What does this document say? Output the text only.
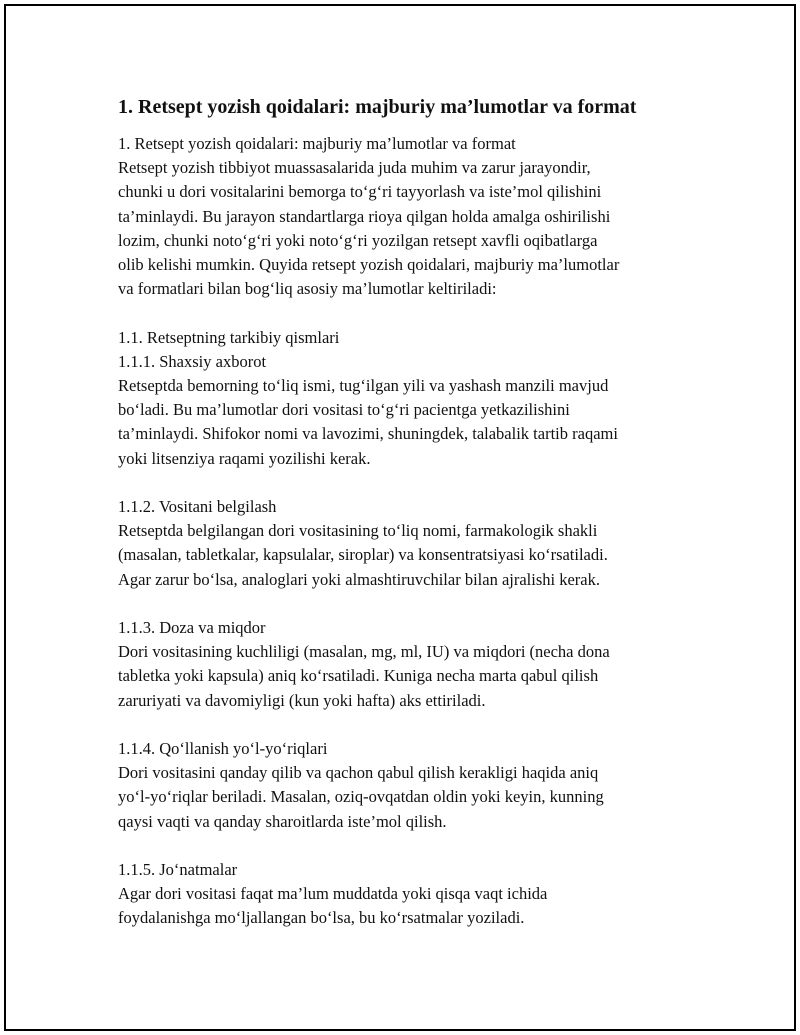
1. Retsept yozish qoidalari: majburiy ma’lumotlar va format
1. Retsept yozish qoidalari: majburiy ma’lumotlar va format
Retsept yozish tibbiyot muassasalarida juda muhim va zarur jarayondir,
chunki u dori vositalarini bemorga to‘g‘ri tayyorlash va iste’mol qilishini
ta’minlaydi. Bu jarayon standartlarga rioya qilgan holda amalga oshirilishi
lozim, chunki noto‘g‘ri yoki noto‘g‘ri yozilgan retsept xavfli oqibatlarga
olib kelishi mumkin. Quyida retsept yozish qoidalari, majburiy ma’lumotlar
va formatlari bilan bog‘liq asosiy ma’lumotlar keltiriladi:
1.1. Retseptning tarkibiy qismlari
1.1.1. Shaxsiy axborot
Retseptda bemorning to‘liq ismi, tug‘ilgan yili va yashash manzili mavjud
bo‘ladi. Bu ma’lumotlar dori vositasi to‘g‘ri pacientga yetkazilishini
ta’minlaydi. Shifokor nomi va lavozimi, shuningdek, talabalik tartib raqami
yoki litsenziya raqami yozilishi kerak.
1.1.2. Vositani belgilash
Retseptda belgilangan dori vositasining to‘liq nomi, farmakologik shakli
(masalan, tabletkalar, kapsulalar, siroplar) va konsentratsiyasi ko‘rsatiladi.
Agar zarur bo‘lsa, analoglari yoki almashtiruvchilar bilan ajralishi kerak.
1.1.3. Doza va miqdor
Dori vositasining kuchliligi (masalan, mg, ml, IU) va miqdori (necha dona
tabletka yoki kapsula) aniq ko‘rsatiladi. Kuniga necha marta qabul qilish
zaruriyati va davomiyligi (kun yoki hafta) aks ettiriladi.
1.1.4. Qo‘llanish yo‘l-yo‘riqlari
Dori vositasini qanday qilib va qachon qabul qilish kerakligi haqida aniq
yo‘l-yo‘riqlar beriladi. Masalan, oziq-ovqatdan oldin yoki keyin, kunning
qaysi vaqti va qanday sharoitlarda iste’mol qilish.
1.1.5. Jo‘natmalar
Agar dori vositasi faqat ma’lum muddatda yoki qisqa vaqt ichida
foydalanishga mo‘ljallangan bo‘lsa, bu ko‘rsatmalar yoziladi.
